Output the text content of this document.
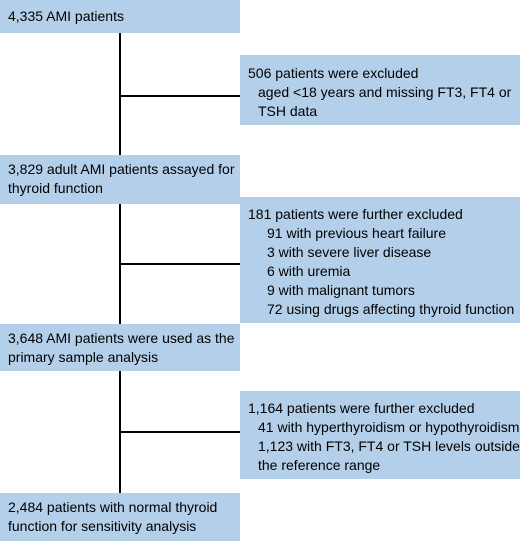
4,335 AMI patients
3,829 adult AMI patients assayed for
thyroid function
3,648 AMI patients were used as the
primary sample analysis
2,484 patients with normal thyroid
function for sensitivity analysis
506 patients were excluded
aged <18 years and missing FT3, FT4 or
TSH data
181 patients were further excluded
91 with previous heart failure
3 with severe liver disease
6 with uremia
9 with malignant tumors
72 using drugs affecting thyroid function
1,164 patients were further excluded
41 with hyperthyroidism or hypothyroidism
1,123 with FT3, FT4 or TSH levels outside
the reference range
